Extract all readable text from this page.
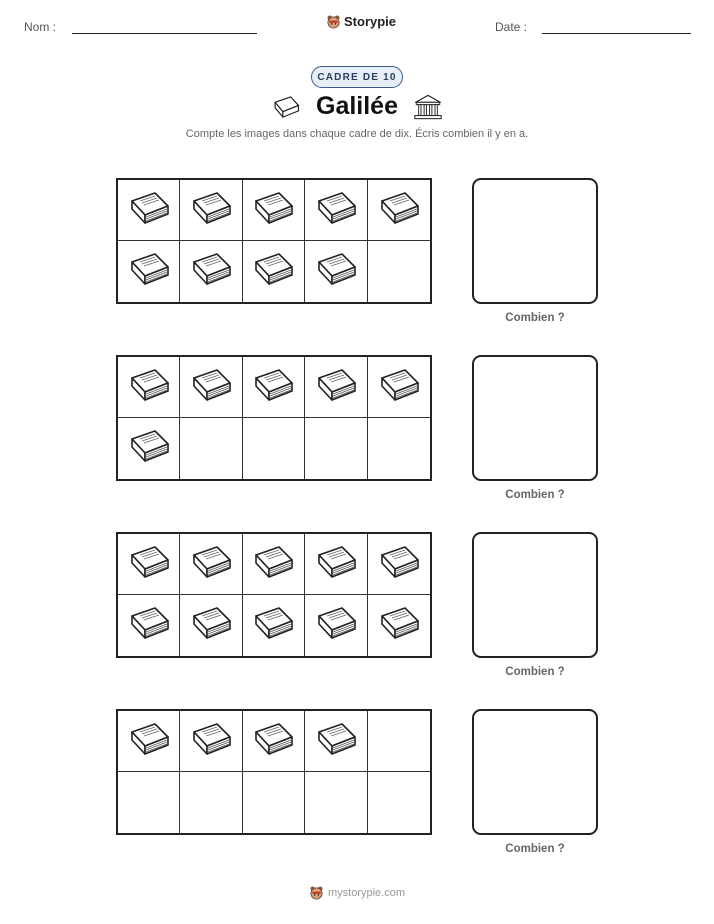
Nom :	Storypie	Date :
CADRE DE 10
Galilée
Compte les images dans chaque cadre de dix. Écris combien il y en a.
Combien ?
Combien ?
Combien ?
Combien ?
mystorypie.com
